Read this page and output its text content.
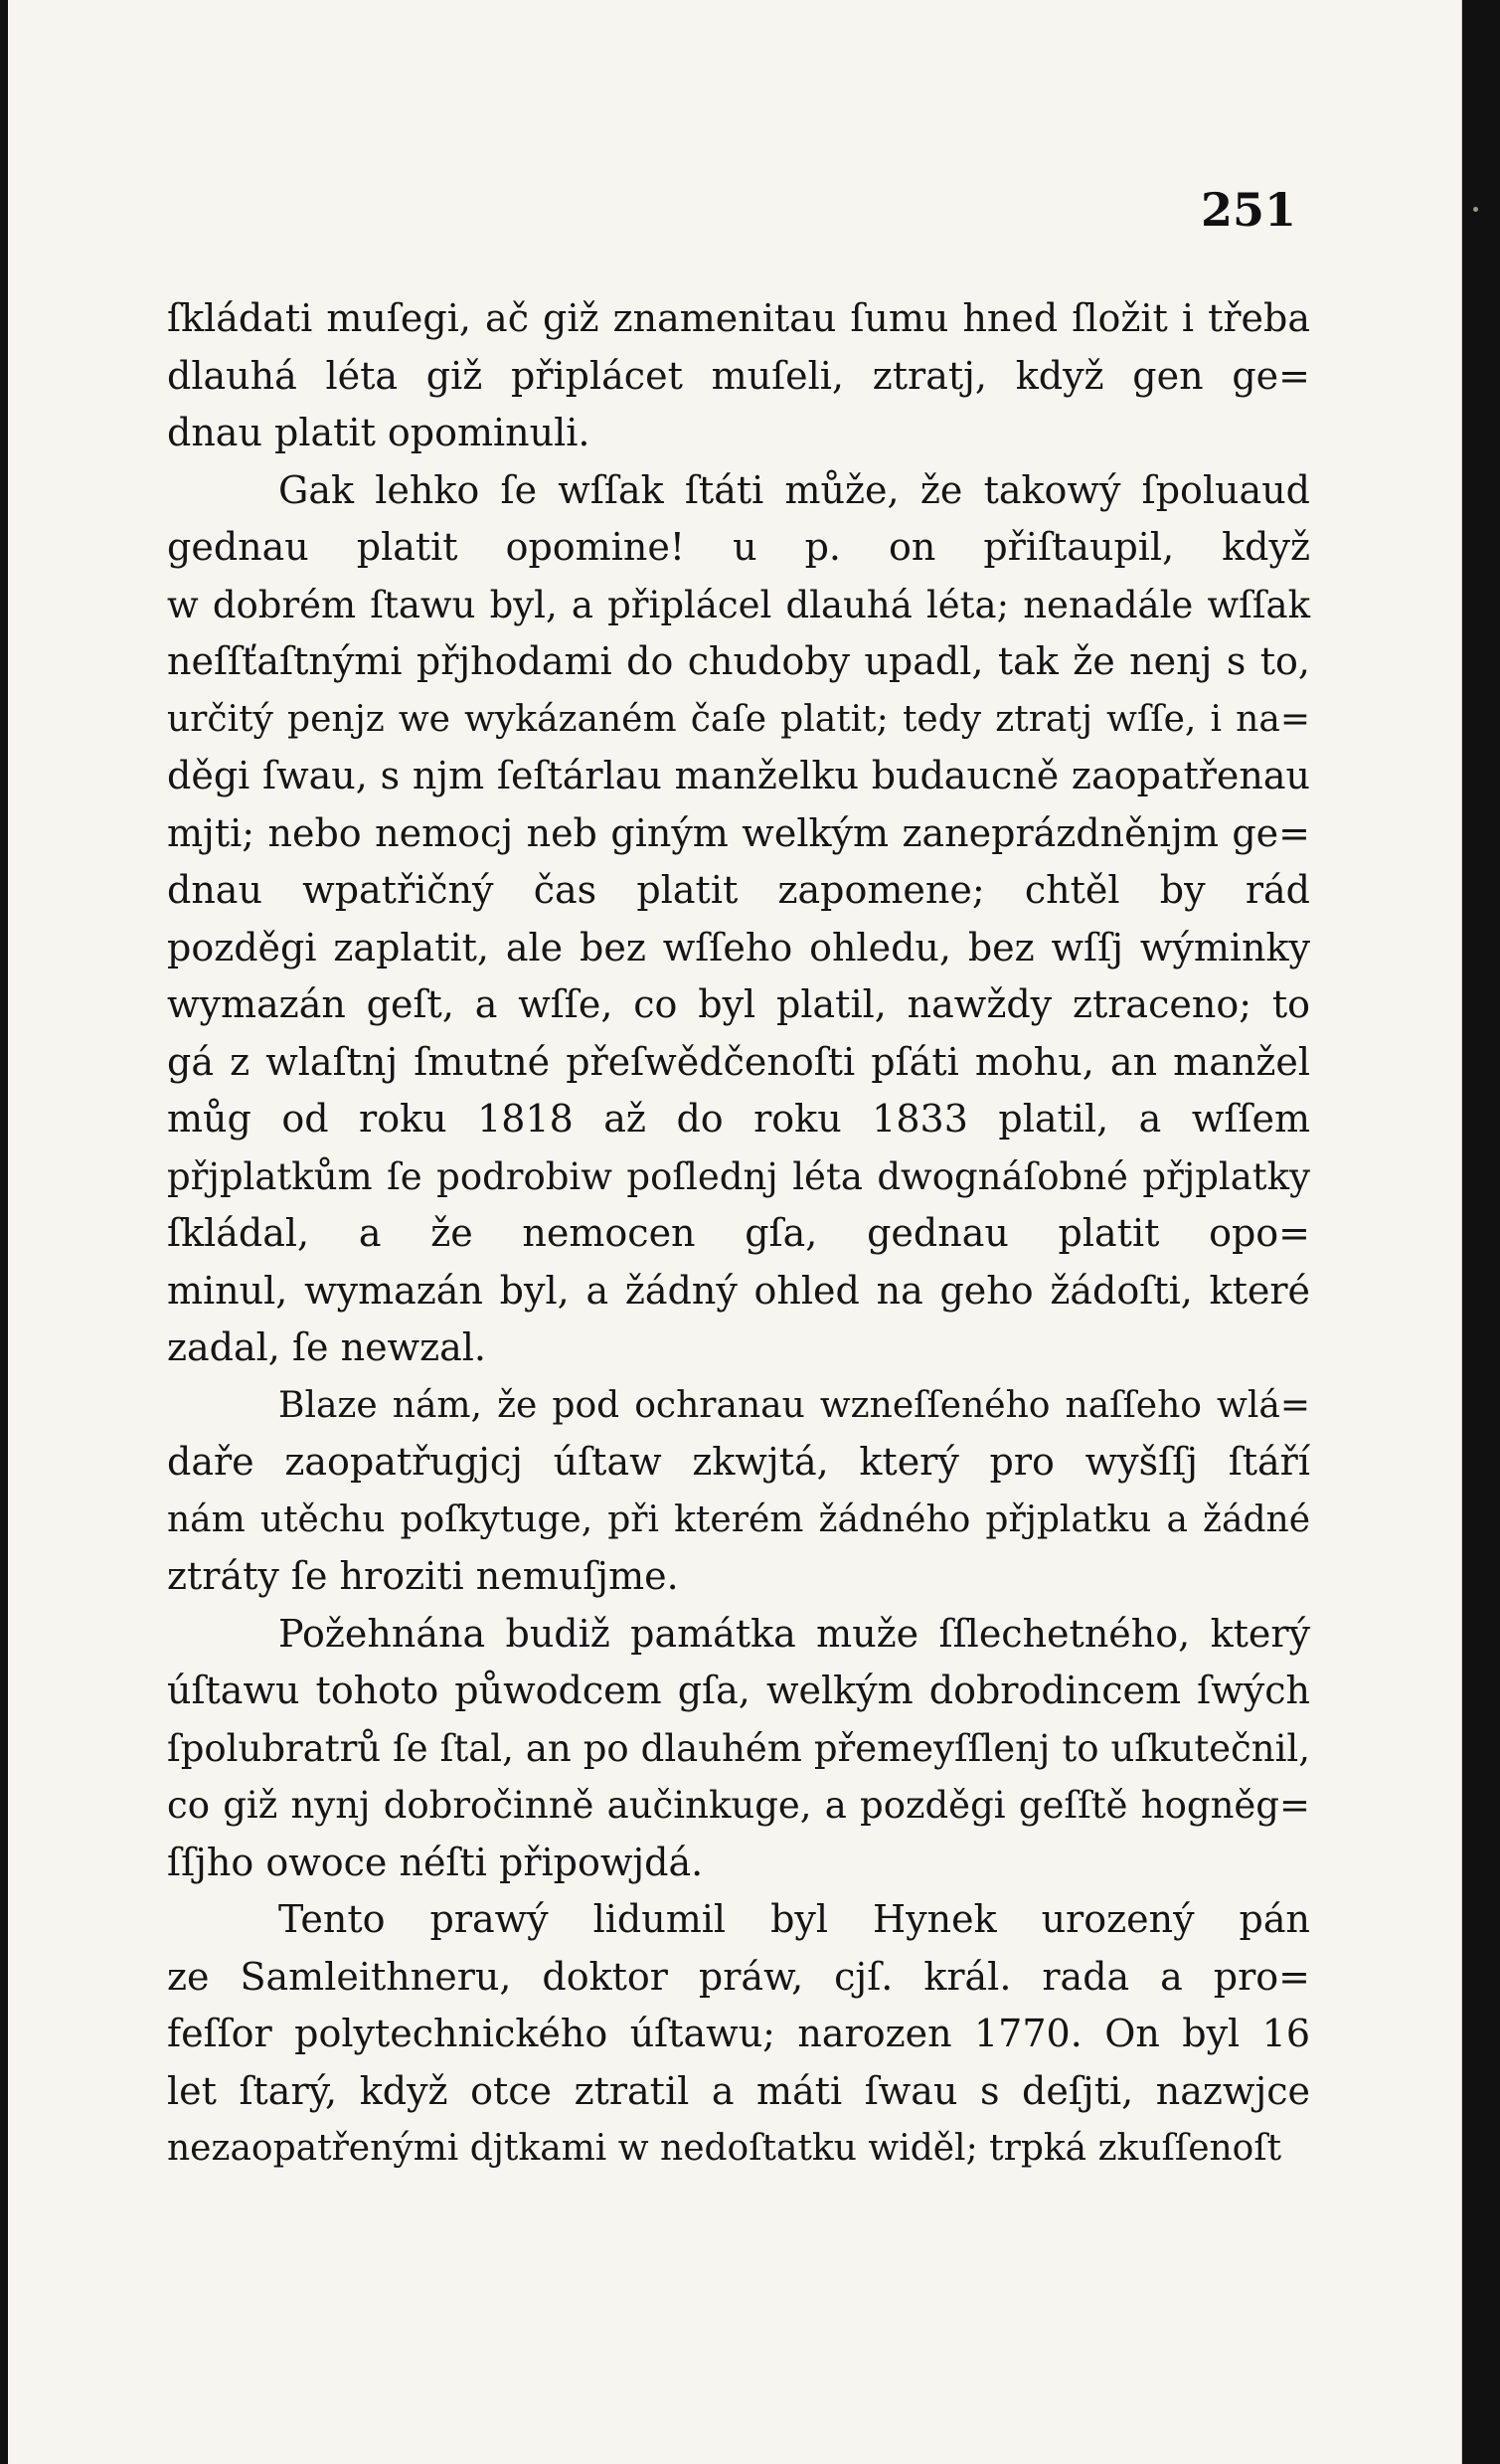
251
ſkládati muſegi, ač giž znamenitau ſumu hned ſložit i třeba
dlauhá léta giž připlácet muſeli, ztratj, když gen ge=
dnau platit opominuli.
Gak lehko ſe wſſak ſtáti může, že takowý ſpoluaud
gednau platit opomine! u p. on přiſtaupil, když
w dobrém ſtawu byl, a připlácel dlauhá léta; nenadále wſſak
neſſťaſtnými přjhodami do chudoby upadl, tak že nenj s to,
určitý penjz we wykázaném čaſe platit; tedy ztratj wſſe, i na=
děgi ſwau, s njm ſeſtárlau manželku budaucně zaopatřenau
mjti; nebo nemocj neb giným welkým zaneprázdněnjm ge=
dnau wpatřičný čas platit zapomene; chtěl by rád
pozděgi zaplatit, ale bez wſſeho ohledu, bez wſſj wýminky
wymazán geſt, a wſſe, co byl platil, nawždy ztraceno; to
gá z wlaſtnj ſmutné přeſwědčenoſti pſáti mohu, an manžel
můg od roku 1818 až do roku 1833 platil, a wſſem
přjplatkům ſe podrobiw poſlednj léta dwognáſobné přjplatky
ſkládal, a že nemocen gſa, gednau platit opo=
minul, wymazán byl, a žádný ohled na geho žádoſti, které
zadal, ſe newzal.
Blaze nám, že pod ochranau wzneſſeného naſſeho wlá=
daře zaopatřugjcj úſtaw zkwjtá, který pro wyšſſj ſtáří
nám utěchu poſkytuge, při kterém žádného přjplatku a žádné
ztráty ſe hroziti nemuſjme.
Požehnána budiž památka muže ſſlechetného, který
úſtawu tohoto půwodcem gſa, welkým dobrodincem ſwých
ſpolubratrů ſe ſtal, an po dlauhém přemeyſſlenj to uſkutečnil,
co giž nynj dobročinně aučinkuge, a pozděgi geſſtě hogněg=
ſſjho owoce néſti připowjdá.
Tento prawý lidumil byl Hynek urozený pán
ze Samleithneru, doktor práw, cjſ. král. rada a pro=
feſſor polytechnického úſtawu; narozen 1770. On byl 16
let ſtarý, když otce ztratil a máti ſwau s deſjti, nazwjce
nezaopatřenými djtkami w nedoſtatku widěl; trpká zkuſſenoſt
